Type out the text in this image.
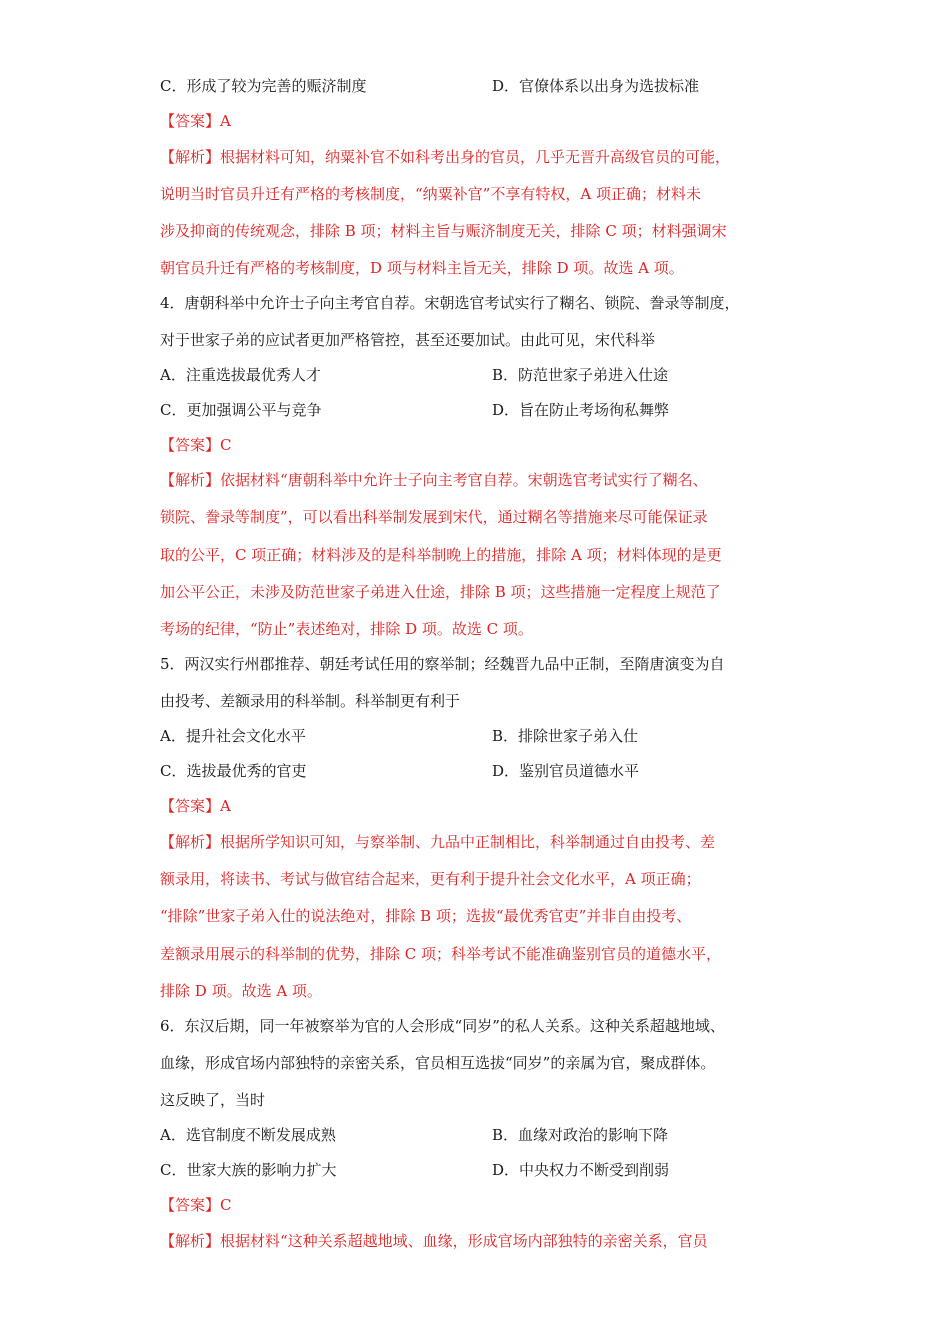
C．形成了较为完善的赈济制度	D．官僚体系以出身为选拔标准
【答案】A
【解析】根据材料可知，纳粟补官不如科考出身的官员，几乎无晋升高级官员的可能，
说明当时官员升迁有严格的考核制度，“纳粟补官”不享有特权，A 项正确；材料未
涉及抑商的传统观念，排除 B 项；材料主旨与赈济制度无关，排除 C 项；材料强调宋
朝官员升迁有严格的考核制度，D 项与材料主旨无关，排除 D 项。故选 A 项。
4．唐朝科举中允许士子向主考官自荐。宋朝选官考试实行了糊名、锁院、誊录等制度，
对于世家子弟的应试者更加严格管控，甚至还要加试。由此可见，宋代科举
A．注重选拔最优秀人才	B．防范世家子弟进入仕途
C．更加强调公平与竞争	D．旨在防止考场徇私舞弊
【答案】C
【解析】依据材料“唐朝科举中允许士子向主考官自荐。宋朝选官考试实行了糊名、
锁院、誊录等制度”，可以看出科举制发展到宋代，通过糊名等措施来尽可能保证录
取的公平，C 项正确；材料涉及的是科举制晚上的措施，排除 A 项；材料体现的是更
加公平公正，未涉及防范世家子弟进入仕途，排除 B 项；这些措施一定程度上规范了
考场的纪律，“防止”表述绝对，排除 D 项。故选 C 项。
5．两汉实行州郡推荐、朝廷考试任用的察举制；经魏晋九品中正制，至隋唐演变为自
由投考、差额录用的科举制。科举制更有利于
A．提升社会文化水平	B．排除世家子弟入仕
C．选拔最优秀的官吏	D．鉴别官员道德水平
【答案】A
【解析】根据所学知识可知，与察举制、九品中正制相比，科举制通过自由投考、差
额录用，将读书、考试与做官结合起来，更有利于提升社会文化水平，A 项正确；
“排除”世家子弟入仕的说法绝对，排除 B 项；选拔“最优秀官吏”并非自由投考、
差额录用展示的科举制的优势，排除 C 项；科举考试不能准确鉴别官员的道德水平，
排除 D 项。故选 A 项。
6．东汉后期，同一年被察举为官的人会形成“同岁”的私人关系。这种关系超越地域、
血缘，形成官场内部独特的亲密关系，官员相互选拔“同岁”的亲属为官，聚成群体。
这反映了，当时
A．选官制度不断发展成熟	B．血缘对政治的影响下降
C．世家大族的影响力扩大	D．中央权力不断受到削弱
【答案】C
【解析】根据材料“这种关系超越地域、血缘，形成官场内部独特的亲密关系，官员
